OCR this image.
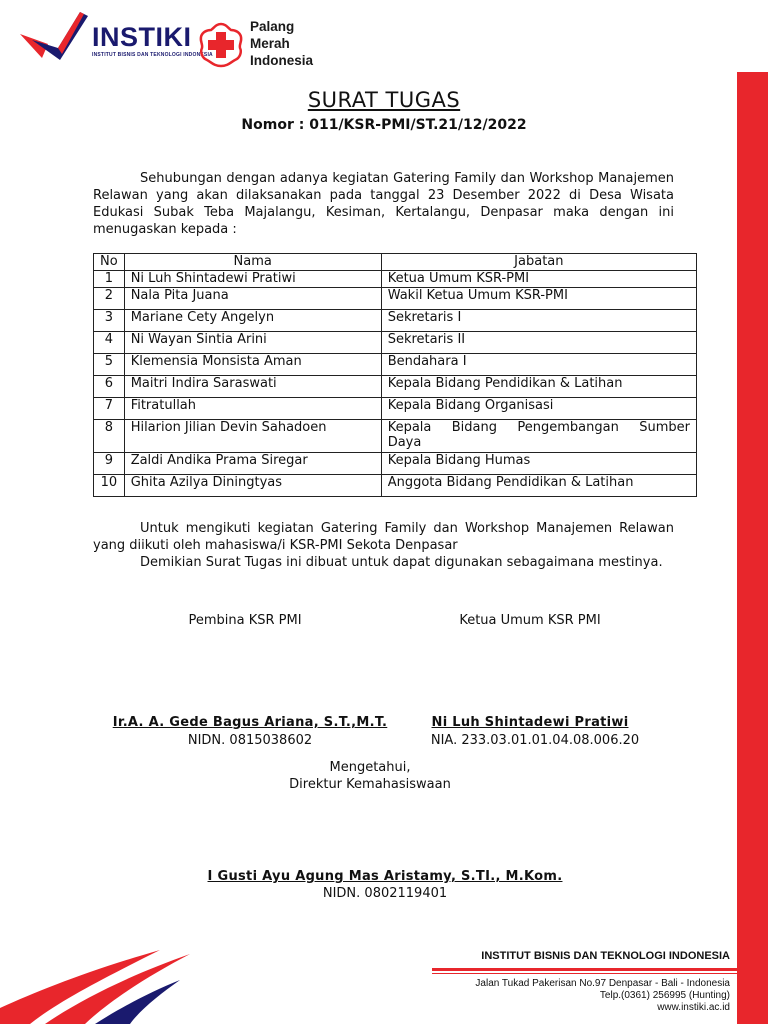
INSTIKI
INSTITUT BISNIS DAN TEKNOLOGI INDONESIA
Palang
Merah
Indonesia
SURAT TUGAS
Nomor : 011/KSR-PMI/ST.21/12/2022
Sehubungan dengan adanya kegiatan Gatering Family dan Workshop Manajemen Relawan yang akan dilaksanakan pada tanggal 23 Desember 2022 di Desa Wisata Edukasi Subak Teba Majalangu, Kesiman, Kertalangu, Denpasar maka dengan ini menugaskan kepada :
No	Nama	Jabatan
1	Ni Luh Shintadewi Pratiwi	Ketua Umum KSR-PMI
2	Nala Pita Juana	Wakil Ketua Umum KSR-PMI
3	Mariane Cety Angelyn	Sekretaris I
4	Ni Wayan Sintia Arini	Sekretaris II
5	Klemensia Monsista Aman	Bendahara I
6	Maitri Indira Saraswati	Kepala Bidang Pendidikan & Latihan
7	Fitratullah	Kepala Bidang Organisasi
8	Hilarion Jilian Devin Sahadoen	Kepala Bidang Pengembangan Sumber
Daya

9	Zaldi Andika Prama Siregar	Kepala Bidang Humas
10	Ghita Azilya Diningtyas	Anggota Bidang Pendidikan & Latihan
Untuk mengikuti kegiatan Gatering Family dan Workshop Manajemen Relawan yang diikuti oleh mahasiswa/i KSR-PMI Sekota Denpasar
Demikian Surat Tugas ini dibuat untuk dapat digunakan sebagaimana mestinya.
Pembina KSR PMI	Ketua Umum KSR PMI
Ir.A. A. Gede Bagus Ariana, S.T.,M.T.
NIDN. 0815038602
Ni Luh Shintadewi Pratiwi
NIA. 233.03.01.01.04.08.006.20
Mengetahui,
Direktur Kemahasiswaan
I Gusti Ayu Agung Mas Aristamy, S.TI., M.Kom.
NIDN. 0802119401
INSTITUT BISNIS DAN TEKNOLOGI INDONESIA
Jalan Tukad Pakerisan No.97 Denpasar - Bali - Indonesia
Telp.(0361) 256995 (Hunting)
www.instiki.ac.id
